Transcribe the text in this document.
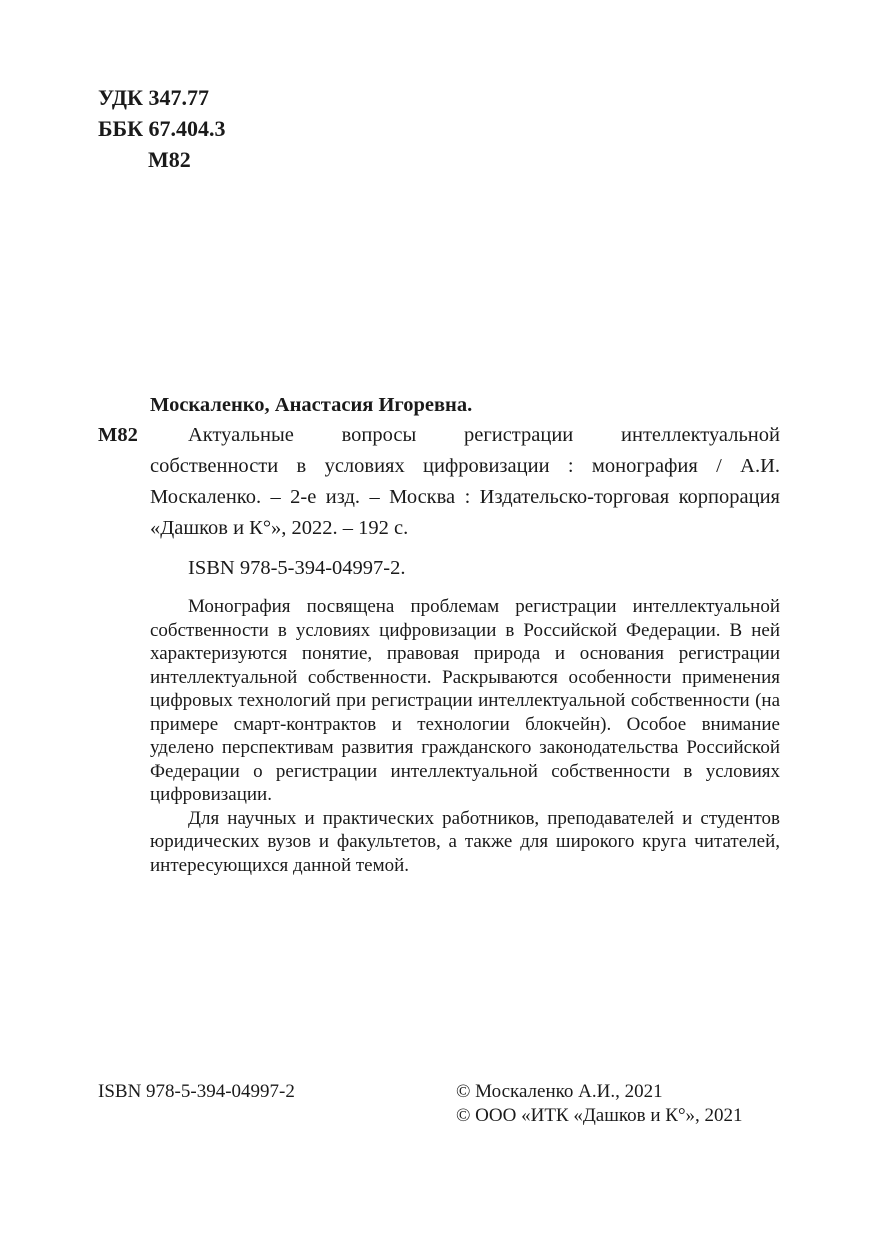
УДК 347.77
ББК 67.404.3
М82
Москаленко, Анастасия Игоревна.
М82	Актуальные вопросы регистрации интеллектуальной собственности в условиях цифровизации : монография / А.И. Москаленко. – 2-е изд. – Москва : Издательско-торговая корпорация «Дашков и К°», 2022. – 192 с.
ISBN 978-5-394-04997-2.

Монография посвящена проблемам регистрации интеллектуальной собственности в условиях цифровизации в Российской Федерации. В ней характеризуются понятие, правовая природа и основания регистрации интеллектуальной собственности. Раскрываются особенности применения цифровых технологий при регистрации интеллектуальной собственности (на примере смарт-контрактов и технологии блокчейн). Особое внимание уделено перспективам развития гражданского законодательства Российской Федерации о регистрации интеллектуальной собственности в условиях цифровизации.

Для научных и практических работников, преподавателей и студентов юридических вузов и факультетов, а также для широкого круга читателей, интересующихся данной темой.

ISBN 978-5-394-04997-2	© Москаленко А.И., 2021
© ООО «ИТК «Дашков и К°», 2021
